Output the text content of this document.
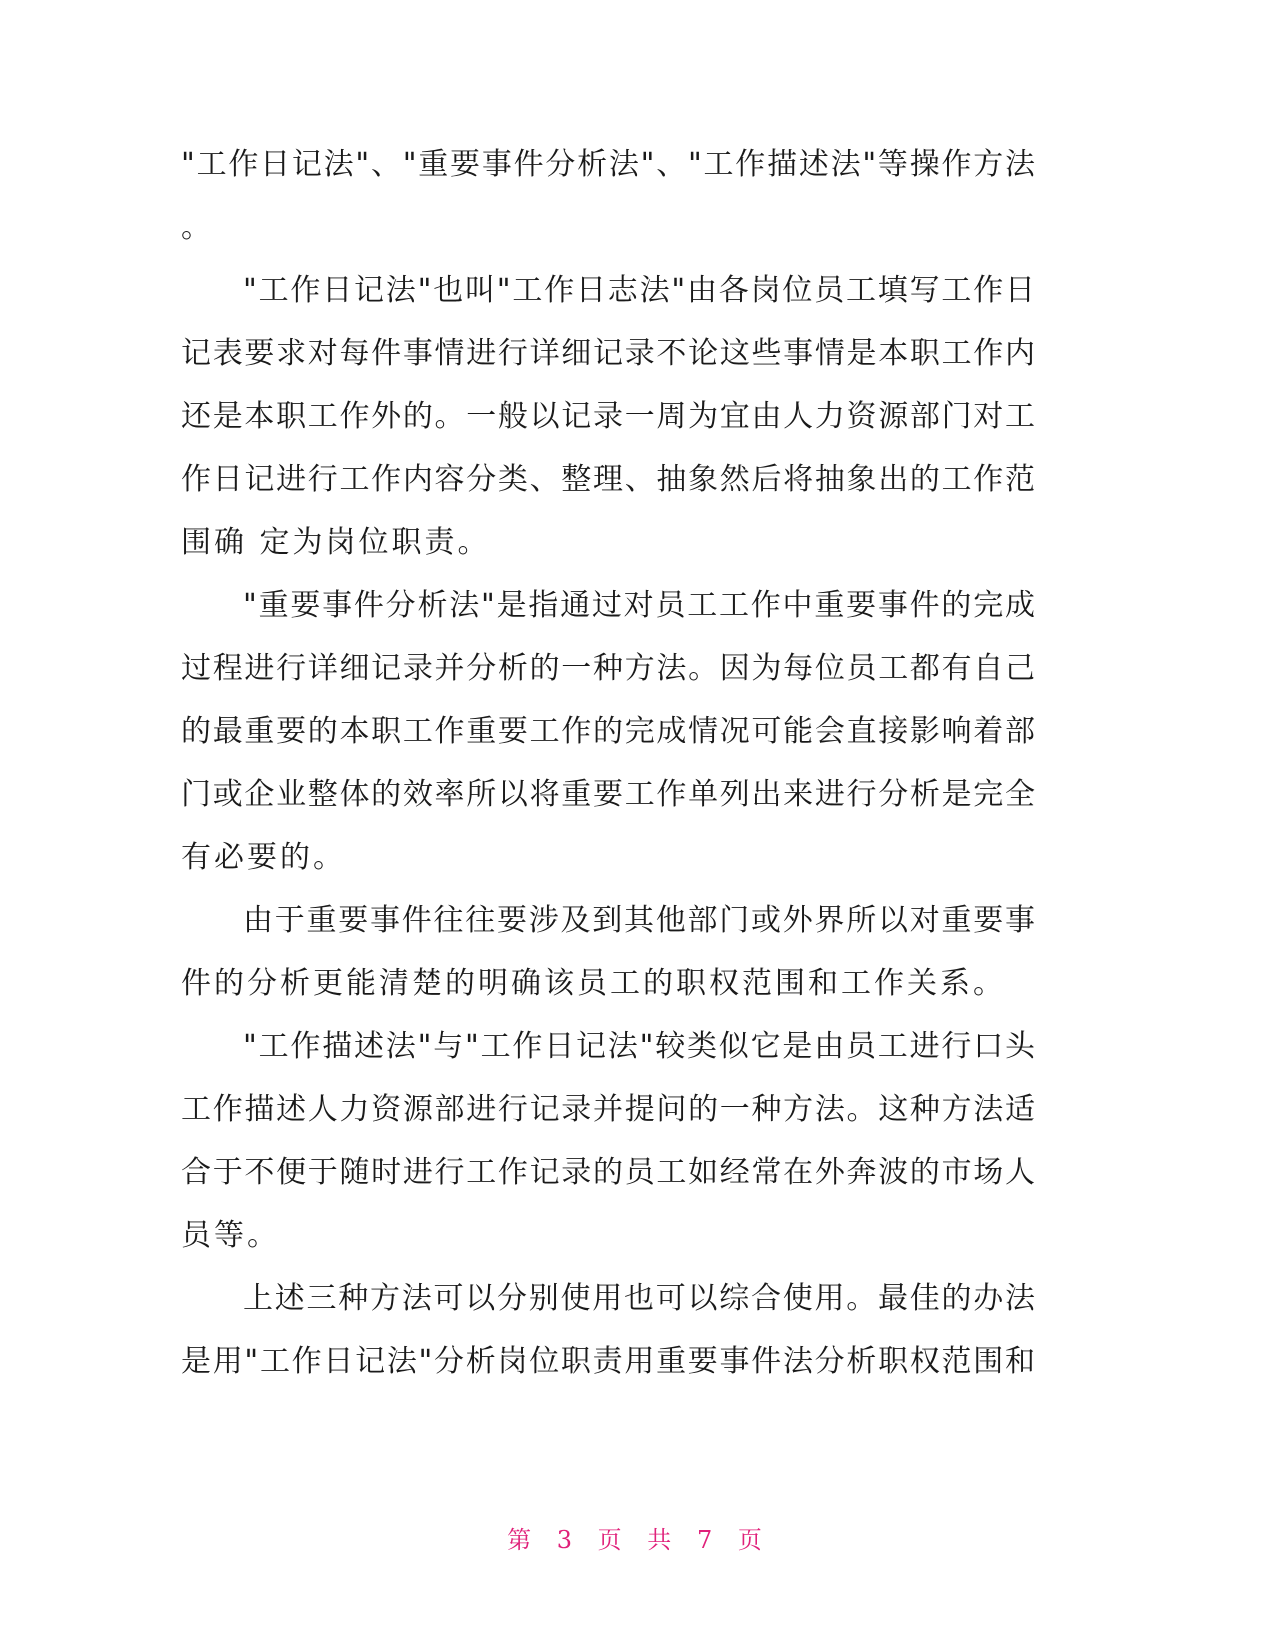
"工作日记法"、"重要事件分析法"、"工作描述法"等操作方法
。
"工作日记法"也叫"工作日志法"由各岗位员工填写工作日
记表要求对每件事情进行详细记录不论这些事情是本职工作内
还是本职工作外的。一般以记录一周为宜由人力资源部门对工
作日记进行工作内容分类、整理、抽象然后将抽象出的工作范
围确 定为岗位职责。
"重要事件分析法"是指通过对员工工作中重要事件的完成
过程进行详细记录并分析的一种方法。因为每位员工都有自己
的最重要的本职工作重要工作的完成情况可能会直接影响着部
门或企业整体的效率所以将重要工作单列出来进行分析是完全
有必要的。
由于重要事件往往要涉及到其他部门或外界所以对重要事
件的分析更能清楚的明确该员工的职权范围和工作关系。
"工作描述法"与"工作日记法"较类似它是由员工进行口头
工作描述人力资源部进行记录并提问的一种方法。这种方法适
合于不便于随时进行工作记录的员工如经常在外奔波的市场人
员等。
上述三种方法可以分别使用也可以综合使用。最佳的办法
是用"工作日记法"分析岗位职责用重要事件法分析职权范围和
第 3 页 共 7 页
